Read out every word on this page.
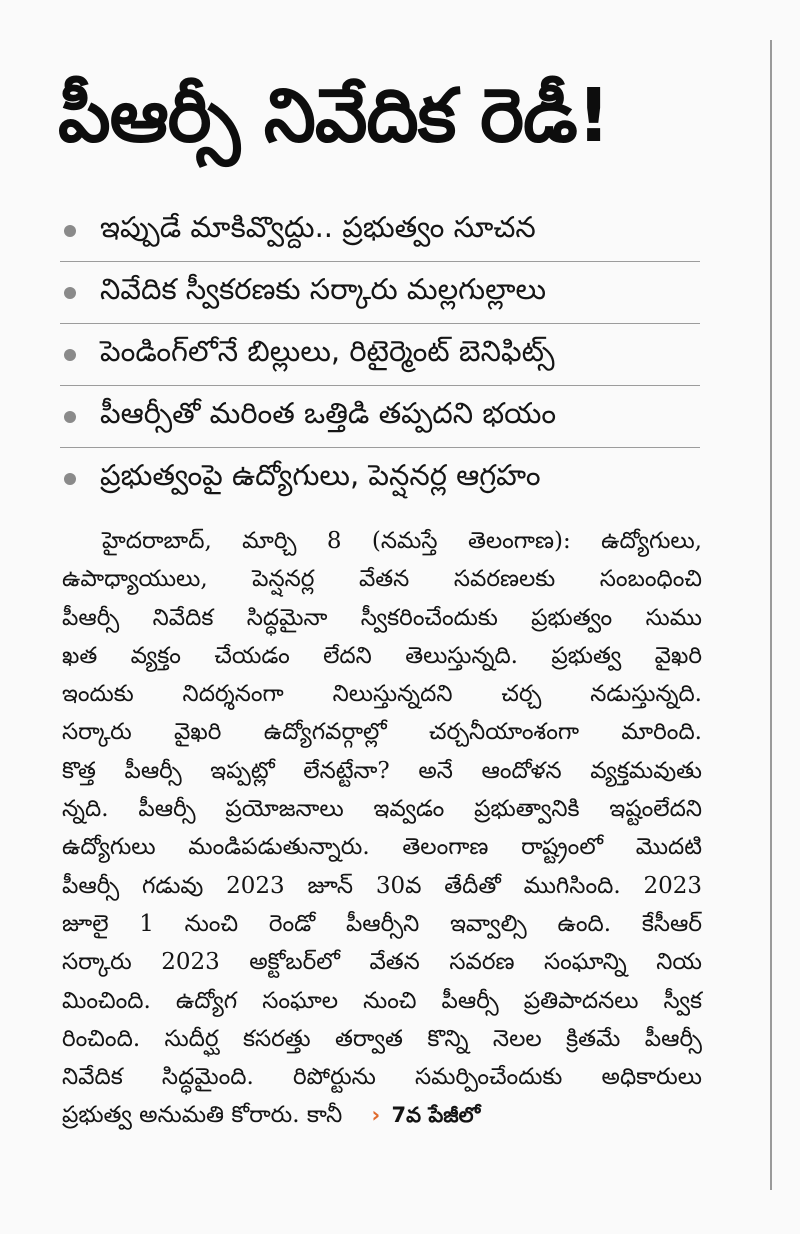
పీఆర్సీ నివేదిక రెడీ!
ఇప్పుడే మాకివ్వొద్దు.. ప్రభుత్వం సూచన
నివేదిక స్వీకరణకు సర్కారు మల్లగుల్లాలు
పెండింగ్‌లోనే బిల్లులు, రిటైర్మెంట్ బెనిఫిట్స్
పీఆర్సీతో మరింత ఒత్తిడి తప్పదని భయం
ప్రభుత్వంపై ఉద్యోగులు, పెన్షనర్ల ఆగ్రహం
హైదరాబాద్, మార్చి 8 (నమస్తే తెలంగాణ): ఉద్యోగులు,
ఉపాధ్యాయులు, పెన్షనర్ల వేతన సవరణలకు సంబంధించి
పీఆర్సీ నివేదిక సిద్ధమైనా స్వీకరించేందుకు ప్రభుత్వం సుము
ఖత వ్యక్తం చేయడం లేదని తెలుస్తున్నది. ప్రభుత్వ వైఖరి
ఇందుకు నిదర్శనంగా నిలుస్తున్నదని చర్చ నడుస్తున్నది.
సర్కారు వైఖరి ఉద్యోగవర్గాల్లో చర్చనీయాంశంగా మారింది.
కొత్త పీఆర్సీ ఇప్పట్లో లేనట్టేనా? అనే ఆందోళన వ్యక్తమవుతు
న్నది. పీఆర్సీ ప్రయోజనాలు ఇవ్వడం ప్రభుత్వానికి ఇష్టంలేదని
ఉద్యోగులు మండిపడుతున్నారు. తెలంగాణ రాష్ట్రంలో మొదటి
పీఆర్సీ గడువు 2023 జూన్ 30వ తేదీతో ముగిసింది. 2023
జూలై 1 నుంచి రెండో పీఆర్సీని ఇవ్వాల్సి ఉంది. కేసీఆర్
సర్కారు 2023 అక్టోబర్‌లో వేతన సవరణ సంఘాన్ని నియ
మించింది. ఉద్యోగ సంఘాల నుంచి పీఆర్సీ ప్రతిపాదనలు స్వీక
రించింది. సుదీర్ఘ కసరత్తు తర్వాత కొన్ని నెలల క్రితమే పీఆర్సీ
నివేదిక సిద్ధమైంది. రిపోర్టును సమర్పించేందుకు అధికారులు
ప్రభుత్వ అనుమతి కోరారు. కానీ › 7వ పేజీలో
